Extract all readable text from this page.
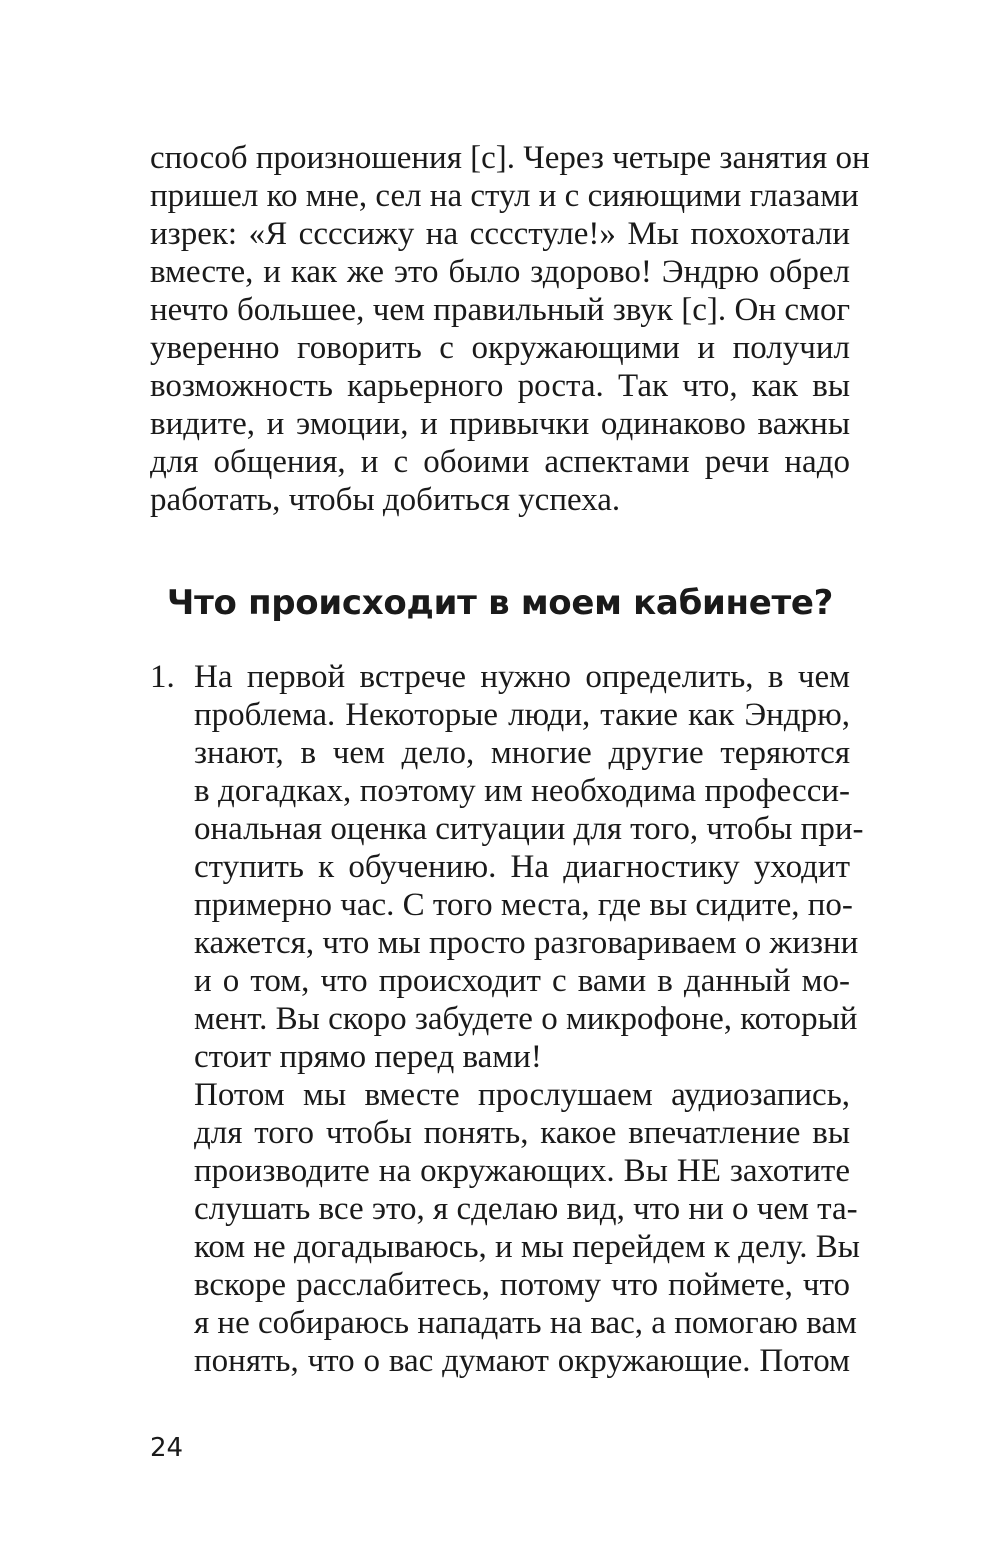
способ произношения [с]. Через четыре занятия он

пришел ко мне, сел на стул и с сияющими глазами

изрек: «Я ссссижу на сссстуле!» Мы похохотали

вместе, и как же это было здорово! Эндрю обрел

нечто большее, чем правильный звук [с]. Он смог

уверенно говорить с окружающими и получил

возможность карьерного роста. Так что, как вы

видите, и эмоции, и привычки одинаково важны

для общения, и с обоими аспектами речи надо

работать, чтобы добиться успеха.

Что происходит в моем кабинете?

1. На первой встрече нужно определить, в чем

проблема. Некоторые люди, такие как Эндрю,

знают, в чем дело, многие другие теряются

в догадках, поэтому им необходима професси-

ональная оценка ситуации для того, чтобы при-

ступить к обучению. На диагностику уходит

примерно час. С того места, где вы сидите, по-

кажется, что мы просто разговариваем о жизни

и о том, что происходит с вами в данный мо-

мент. Вы скоро забудете о микрофоне, который

стоит прямо перед вами!

Потом мы вместе прослушаем аудиозапись,

для того чтобы понять, какое впечатление вы

производите на окружающих. Вы НЕ захотите

слушать все это, я сделаю вид, что ни о чем та-

ком не догадываюсь, и мы перейдем к делу. Вы

вскоре расслабитесь, потому что поймете, что

я не собираюсь нападать на вас, а помогаю вам

понять, что о вас думают окружающие. Потом

24
